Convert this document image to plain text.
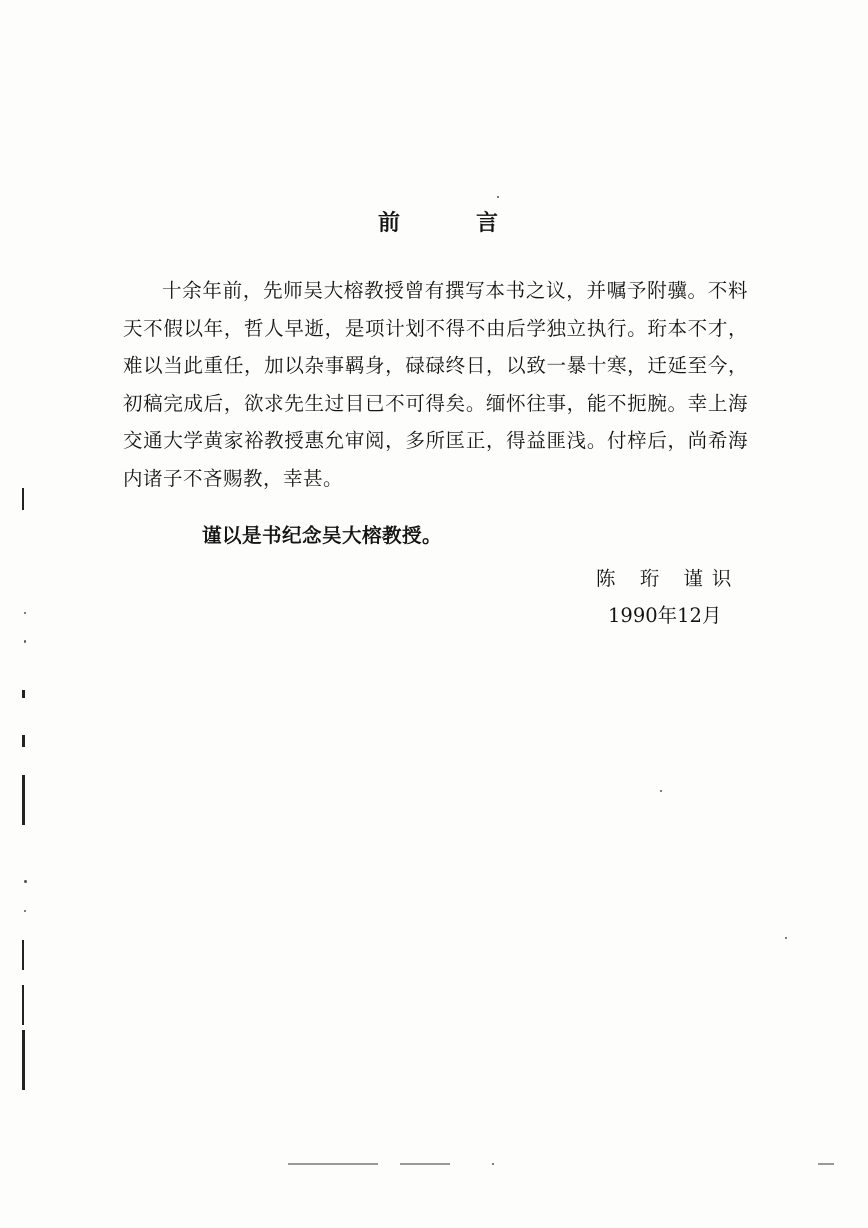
前	言

十余年前，先师吴大榕教授曾有撰写本书之议，并嘱予附骥。不料天不假以年，哲人早逝，是项计划不得不由后学独立执行。珩本不才，难以当此重任，加以杂事羁身，碌碌终日，以致一暴十寒，迁延至今，初稿完成后，欲求先生过目已不可得矣。缅怀往事，能不扼腕。幸上海交通大学黄家裕教授惠允审阅，多所匡正，得益匪浅。付梓后，尚希海内诸子不吝赐教，幸甚。

谨以是书纪念吴大榕教授。
陈 珩 谨识
1990年12月
